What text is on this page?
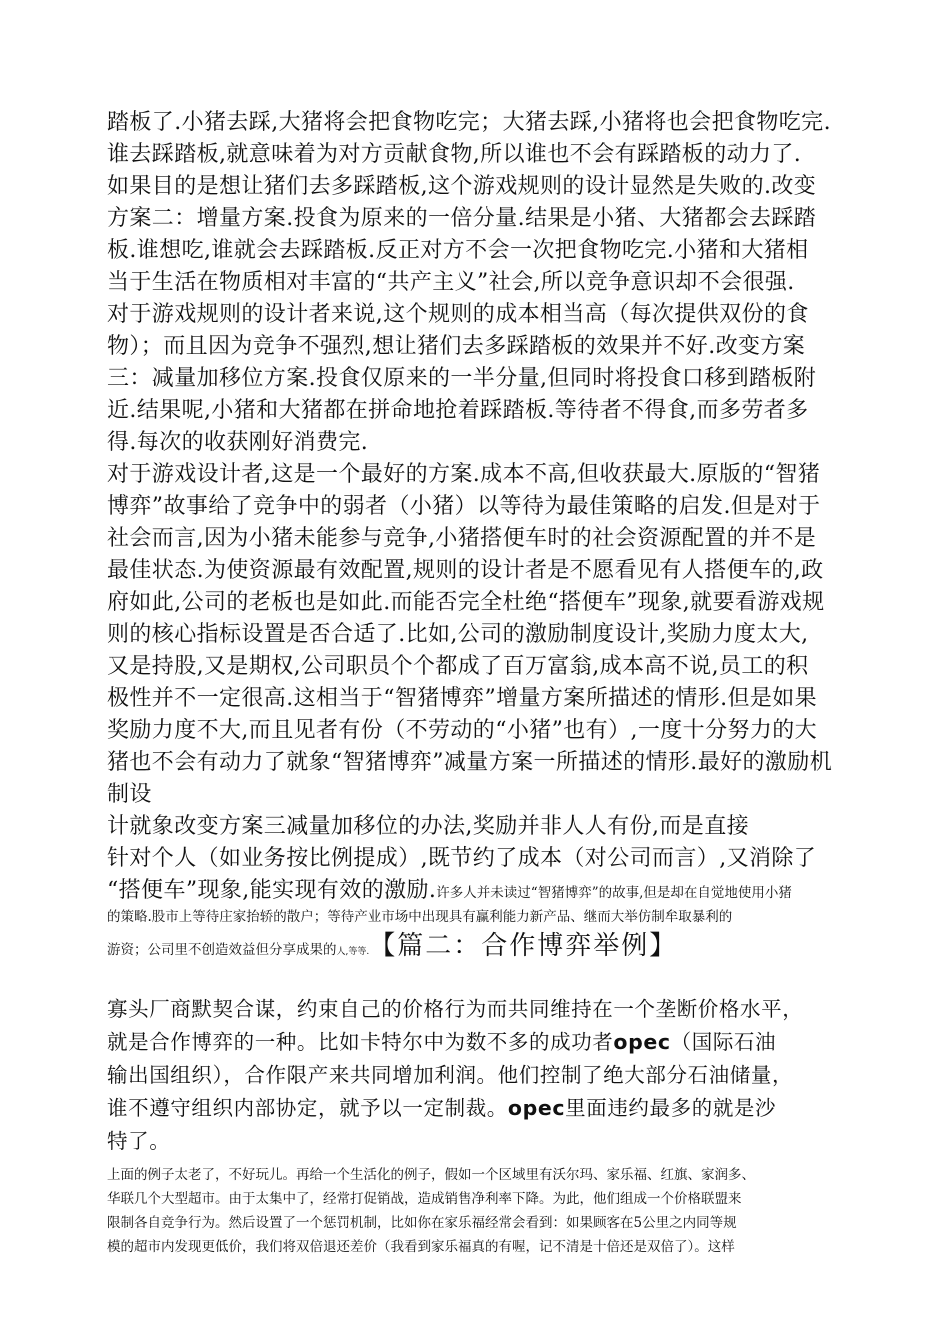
踏板了.小猪去踩,大猪将会把食物吃完；大猪去踩,小猪将也会把食物吃完.
谁去踩踏板,就意味着为对方贡献食物,所以谁也不会有踩踏板的动力了.
如果目的是想让猪们去多踩踏板,这个游戏规则的设计显然是失败的.改变
方案二：增量方案.投食为原来的一倍分量.结果是小猪、大猪都会去踩踏
板.谁想吃,谁就会去踩踏板.反正对方不会一次把食物吃完.小猪和大猪相
当于生活在物质相对丰富的“共产主义”社会,所以竞争意识却不会很强.
对于游戏规则的设计者来说,这个规则的成本相当高（每次提供双份的食
物）；而且因为竞争不强烈,想让猪们去多踩踏板的效果并不好.改变方案
三：减量加移位方案.投食仅原来的一半分量,但同时将投食口移到踏板附
近.结果呢,小猪和大猪都在拼命地抢着踩踏板.等待者不得食,而多劳者多
得.每次的收获刚好消费完.
对于游戏设计者,这是一个最好的方案.成本不高,但收获最大.原版的“智猪
博弈”故事给了竞争中的弱者（小猪）以等待为最佳策略的启发.但是对于
社会而言,因为小猪未能参与竞争,小猪搭便车时的社会资源配置的并不是
最佳状态.为使资源最有效配置,规则的设计者是不愿看见有人搭便车的,政
府如此,公司的老板也是如此.而能否完全杜绝“搭便车”现象,就要看游戏规
则的核心指标设置是否合适了.比如,公司的激励制度设计,奖励力度太大,
又是持股,又是期权,公司职员个个都成了百万富翁,成本高不说,员工的积
极性并不一定很高.这相当于“智猪博弈”增量方案所描述的情形.但是如果
奖励力度不大,而且见者有份（不劳动的“小猪”也有）,一度十分努力的大
猪也不会有动力了就象“智猪博弈”减量方案一所描述的情形.最好的激励机
制设
计就象改变方案三减量加移位的办法,奖励并非人人有份,而是直接
针对个人（如业务按比例提成）,既节约了成本（对公司而言）,又消除了
“搭便车”现象,能实现有效的激励.许多人并未读过“智猪博弈”的故事,但是却在自觉地使用小猪
的策略.股市上等待庄家抬轿的散户；等待产业市场中出现具有赢利能力新产品、继而大举仿制牟取暴利的
游资；公司里不创造效益但分享成果的人,等等.【篇二：合作博弈举例】
寡头厂商默契合谋，约束自己的价格行为而共同维持在一个垄断价格水平，
就是合作博弈的一种。比如卡特尔中为数不多的成功者opec（国际石油
输出国组织），合作限产来共同增加利润。他们控制了绝大部分石油储量，
谁不遵守组织内部协定，就予以一定制裁。opec里面违约最多的就是沙
特了。
上面的例子太老了，不好玩儿。再给一个生活化的例子，假如一个区域里有沃尔玛、家乐福、红旗、家润多、
华联几个大型超市。由于太集中了，经常打促销战，造成销售净利率下降。为此，他们组成一个价格联盟来
限制各自竞争行为。然后设置了一个惩罚机制，比如你在家乐福经常会看到：如果顾客在5公里之内同等规
模的超市内发现更低价，我们将双倍退还差价（我看到家乐福真的有喔，记不清是十倍还是双倍了）。这样
